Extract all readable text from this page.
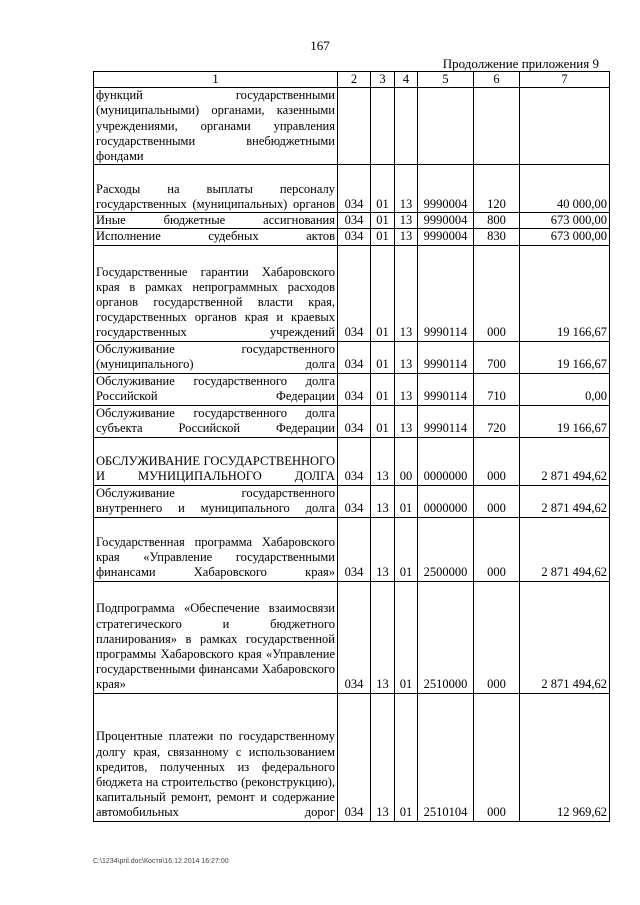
167
Продолжение приложения 9
1	2	3	4	5	6	7
функций государственными (муниципальными) органами, казенными учреждениями, органами управления государственными внебюджетными фондами						
Расходы на выплаты персоналу государственных (муниципальных) органов	034	01	13	9990004	120	40 000,00
Иные бюджетные ассигнования	034	01	13	9990004	800	673 000,00
Исполнение судебных актов	034	01	13	9990004	830	673 000,00
Государственные гарантии Хабаровского края в рамках непрограммных расходов органов государственной власти края, государственных органов края и краевых государственных учреждений	034	01	13	9990114	000	19 166,67
Обслуживание государственного (муниципального) долга	034	01	13	9990114	700	19 166,67
Обслуживание государственного долга Российской Федерации	034	01	13	9990114	710	0,00
Обслуживание государственного долга субъекта Российской Федерации	034	01	13	9990114	720	19 166,67
ОБСЛУЖИВАНИЕ ГОСУДАРСТВЕННОГО И МУНИЦИПАЛЬНОГО ДОЛГА	034	13	00	0000000	000	2 871 494,62
Обслуживание государственного внутреннего и муниципального долга	034	13	01	0000000	000	2 871 494,62
Государственная программа Хабаровского края «Управление государственными финансами Хабаровского края»	034	13	01	2500000	000	2 871 494,62
Подпрограмма «Обеспечение взаимосвязи стратегического и бюджетного планирования» в рамках государственной программы Хабаровского края «Управление государственными финансами Хабаровского края»	034	13	01	2510000	000	2 871 494,62
Процентные платежи по государственному долгу края, связанному с использованием кредитов, полученных из федерального бюджета на строительство (реконструкцию), капитальный ремонт, ремонт и содержание автомобильных дорог	034	13	01	2510104	000	12 969,62
C:\1234\pril.doc\Костя\16.12.2014 16:27:00
